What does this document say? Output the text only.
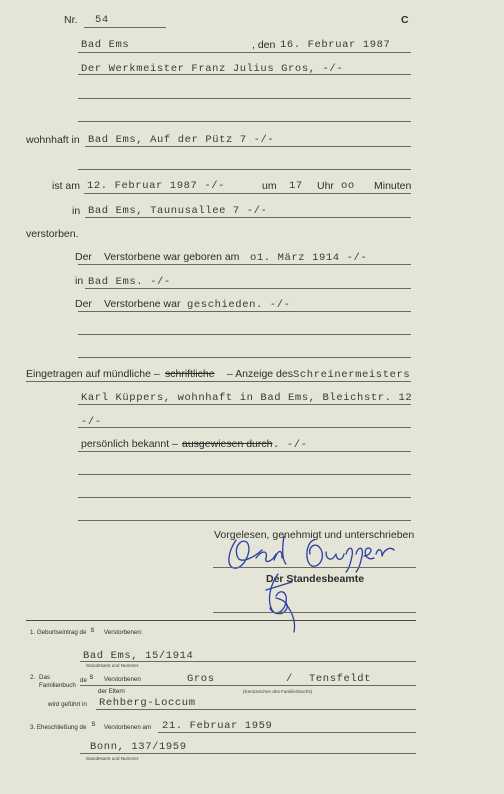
Nr. 54	C
Bad Ems	, den 16. Februar 1987
Der Werkmeister Franz Julius Gros, -/-
wohnhaft in Bad Ems, Auf der Pütz 7 -/-
ist am 12. Februar 1987 -/-	um 17 Uhr oo Minuten
in Bad Ems, Taunusallee 7 -/-
verstorben.
Der Verstorbene war geboren am o1. März 1914 -/-
in Bad Ems. -/-
Der Verstorbene war geschieden. -/-
Eingetragen auf mündliche – schriftliche – Anzeige des Schreinermeisters
Karl Küppers, wohnhaft in Bad Ems, Bleichstr. 12
-/-
persönlich bekannt – ausgewiesen durch . -/-
Vorgelesen, genehmigt und unterschrieben
Der Standesbeamte
1. Geburtseintrag de s Verstorbenen:
Bad Ems, 15/1914
Standesamt und Nummer
2. Das
Familienbuch
de s Verstorbenen	Gros	/ Tensfeldt
der Eltern	(Kennzeichen des Familienbuchs)
wird geführt in Rehberg-Loccum
3. Eheschließung de s Verstorbenen am 21. Februar 1959
Bonn, 137/1959
Standesamt und Nummer
